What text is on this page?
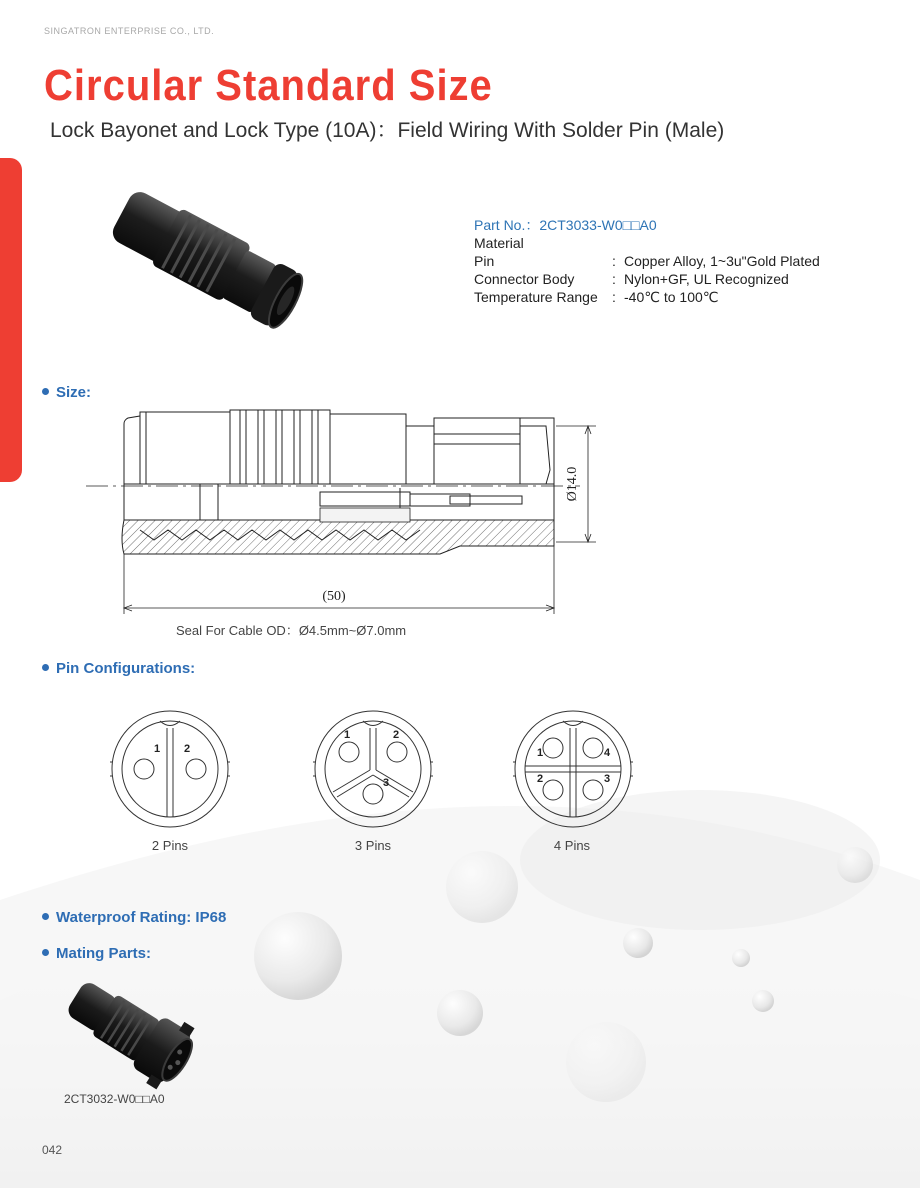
SINGATRON ENTERPRISE CO., LTD.
Circular Standard Size
Lock Bayonet and Lock Type (10A)：Field Wiring With Solder Pin (Male)
Part No.：2CT3033-W0□□A0
Material
Pin	: Copper Alloy, 1~3u"Gold Plated
Connector Body	: Nylon+GF, UL Recognized
Temperature Range	: -40℃ to 100℃
Size:
Pin Configurations:
Waterproof Rating: IP68
Mating Parts:
Ø14.0
(50)
Seal For Cable OD：Ø4.5mm~Ø7.0mm
1 2
2 Pins
1	2
3
3 Pins
1
2	3
4
4 Pins
2CT3032-W0□□A0
042
